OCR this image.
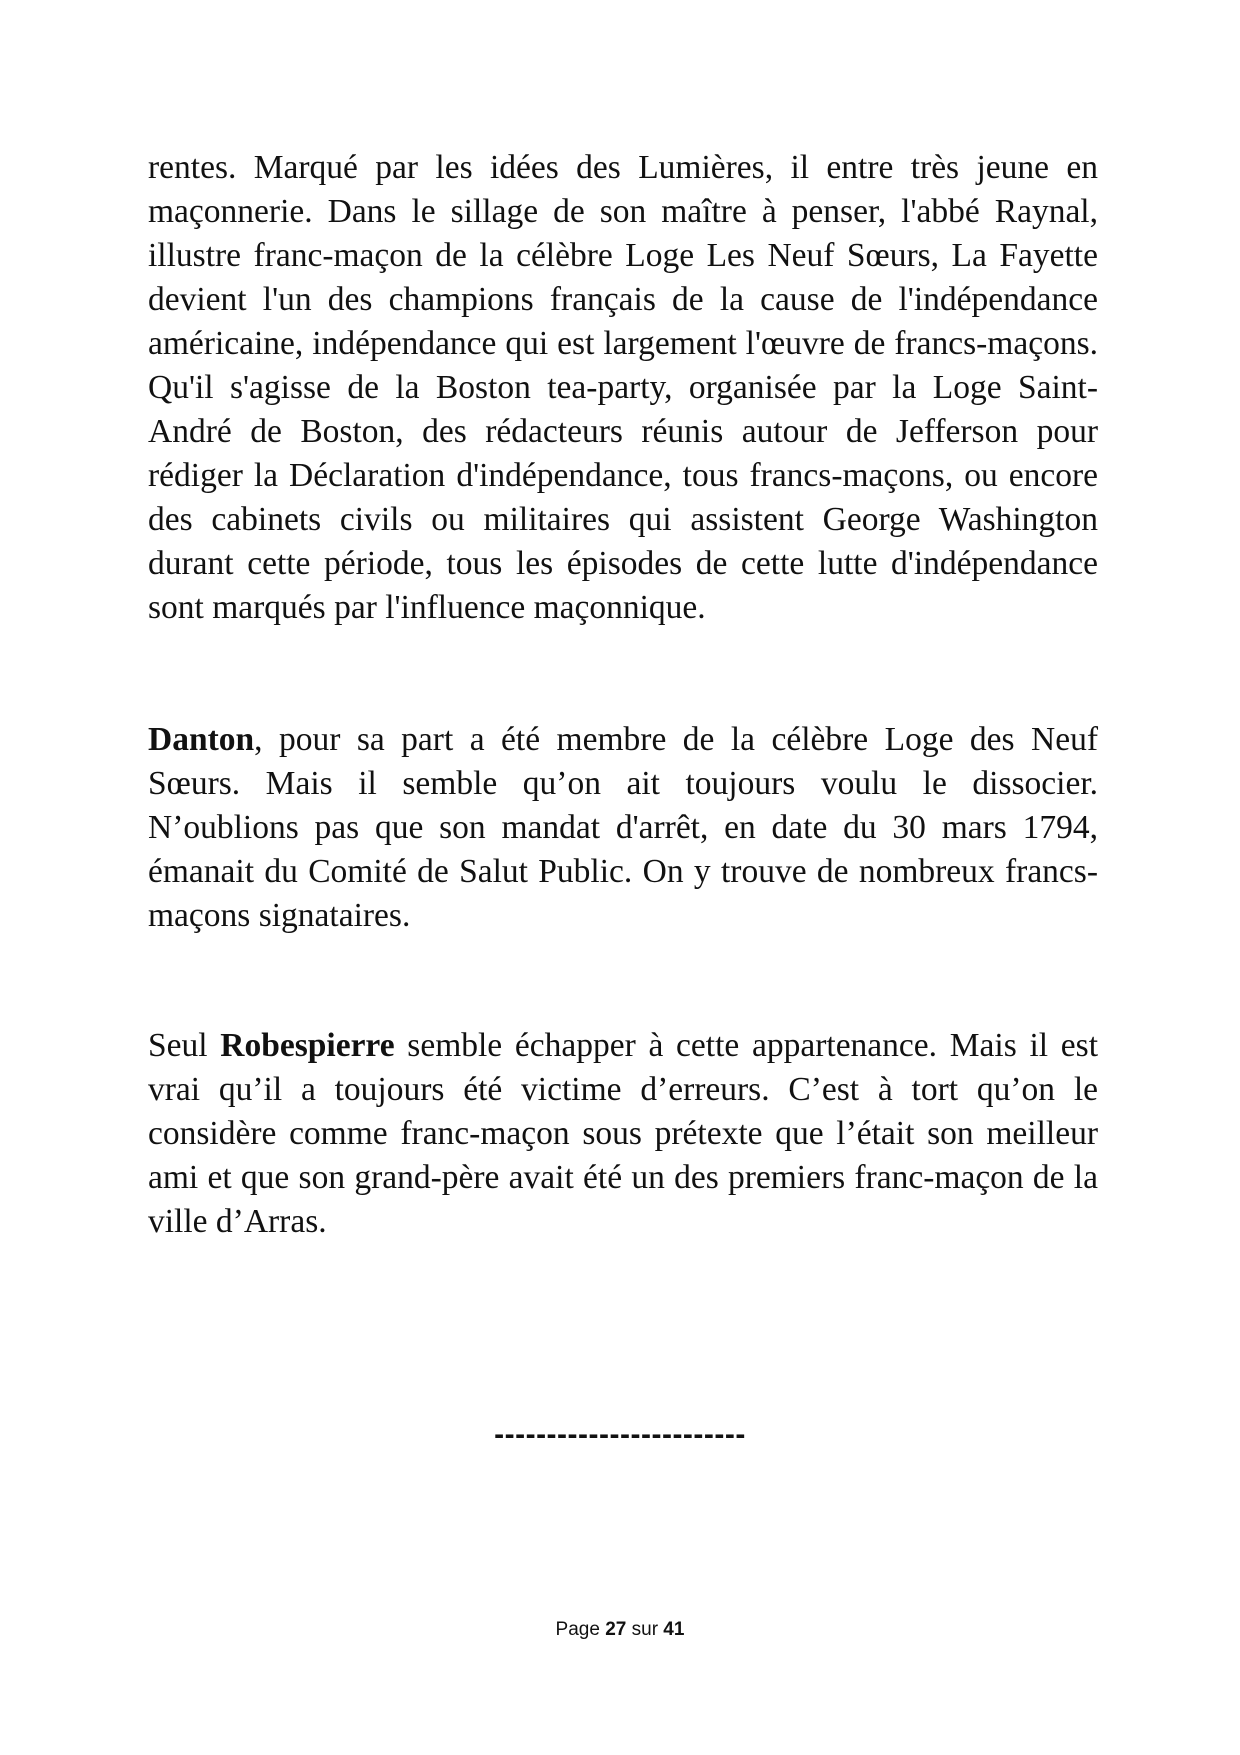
rentes. Marqué par les idées des Lumières, il entre très jeune en maçonnerie. Dans le sillage de son maître à penser, l'abbé Raynal, illustre franc-maçon de la célèbre Loge Les Neuf Sœurs, La Fayette devient l'un des champions français de la cause de l'indépendance américaine, indépendance qui est largement l'œuvre de francs-maçons. Qu'il s'agisse de la Boston tea-party, organisée par la Loge Saint-André de Boston, des rédacteurs réunis autour de Jefferson pour rédiger la Déclaration d'indépendance, tous francs-maçons, ou encore des cabinets civils ou militaires qui assistent George Washington durant cette période, tous les épisodes de cette lutte d'indépendance sont marqués par l'influence maçonnique.

Danton, pour sa part a été membre de la célèbre Loge des Neuf Sœurs. Mais il semble qu’on ait toujours voulu le dissocier. N’oublions pas que son mandat d'arrêt, en date du 30 mars 1794, émanait du Comité de Salut Public. On y trouve de nombreux francs-maçons signataires.

Seul Robespierre semble échapper à cette appartenance. Mais il est vrai qu’il a toujours été victime d’erreurs. C’est à tort qu’on le considère comme franc-maçon sous prétexte que l’était son meilleur ami et que son grand-père avait été un des premiers franc-maçon de la ville d’Arras.

------------------------
Page 27 sur 41
